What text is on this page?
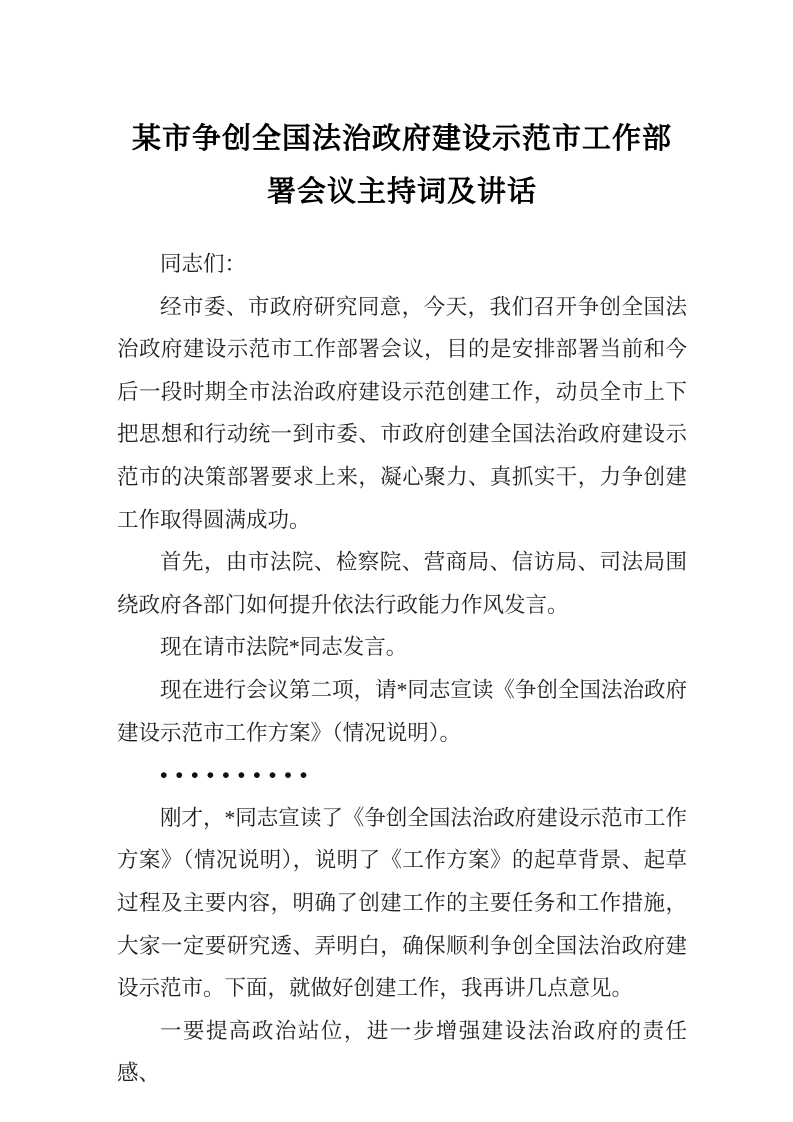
某市争创全国法治政府建设示范市工作部署会议主持词及讲话

同志们：

经市委、市政府研究同意，今天，我们召开争创全国法治政府建设示范市工作部署会议，目的是安排部署当前和今后一段时期全市法治政府建设示范创建工作，动员全市上下把思想和行动统一到市委、市政府创建全国法治政府建设示范市的决策部署要求上来，凝心聚力、真抓实干，力争创建工作取得圆满成功。

首先，由市法院、检察院、营商局、信访局、司法局围绕政府各部门如何提升依法行政能力作风发言。

现在请市法院*同志发言。

现在进行会议第二项，请*同志宣读《争创全国法治政府建设示范市工作方案》（情况说明）。

••••••••••

刚才，*同志宣读了《争创全国法治政府建设示范市工作方案》（情况说明），说明了《工作方案》的起草背景、起草过程及主要内容，明确了创建工作的主要任务和工作措施，大家一定要研究透、弄明白，确保顺利争创全国法治政府建设示范市。下面，就做好创建工作，我再讲几点意见。

一要提高政治站位，进一步增强建设法治政府的责任感、
